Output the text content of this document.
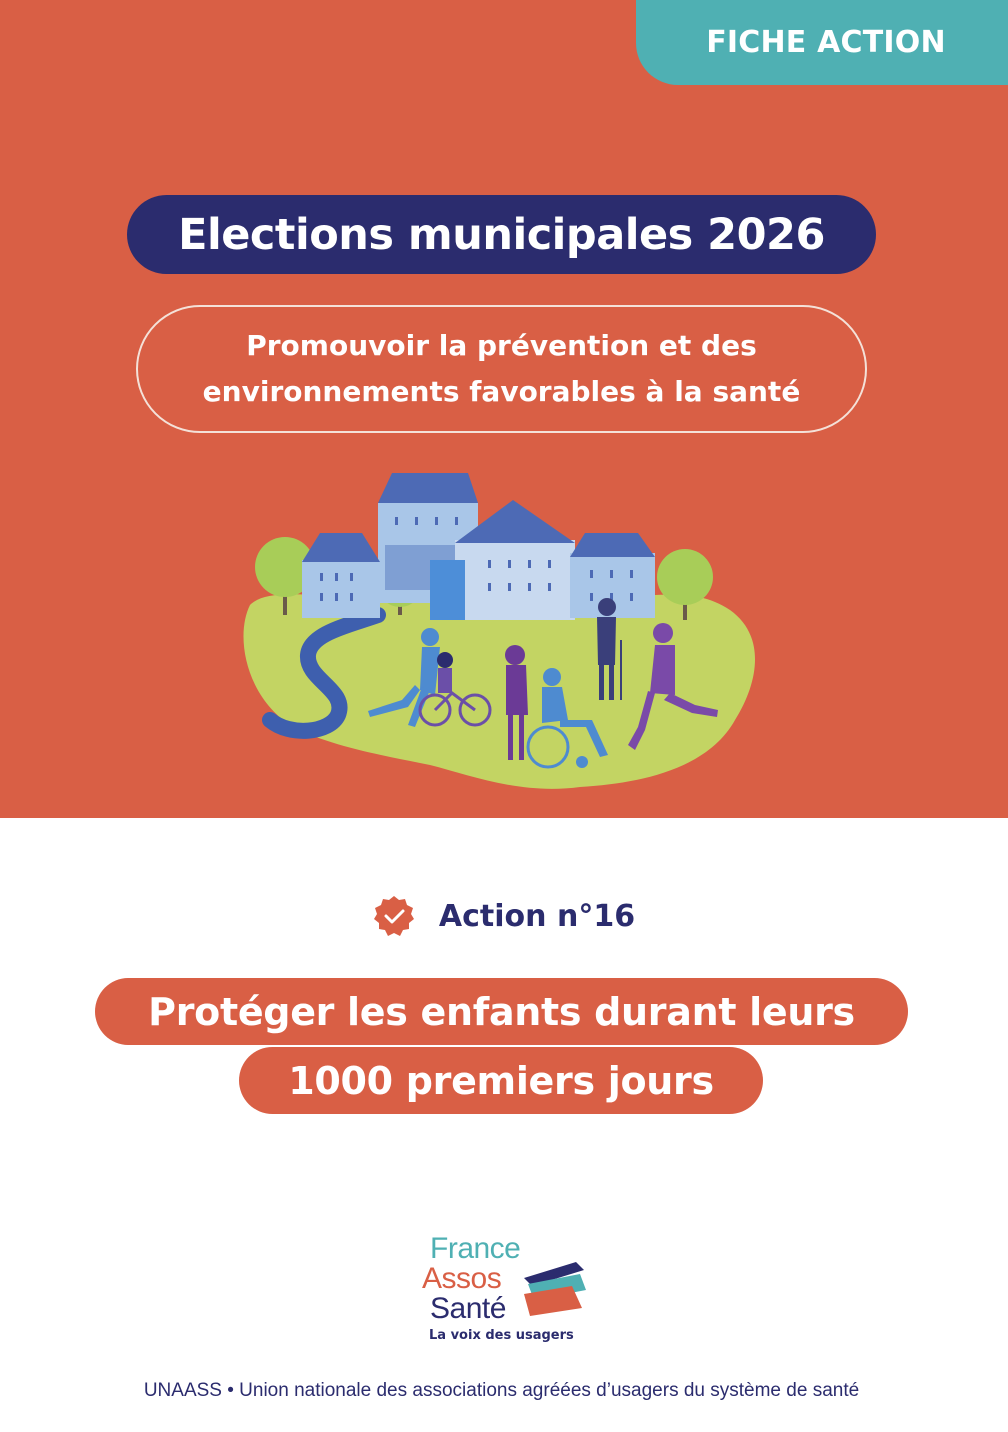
FICHE ACTION
Elections municipales 2026
Promouvoir la prévention et des
environnements favorables à la santé
Action n°16
Protéger les enfants durant leurs
1000 premiers jours
France
Assos
Santé
La voix des usagers
UNAASS • Union nationale des associations agréées d’usagers du système de santé
